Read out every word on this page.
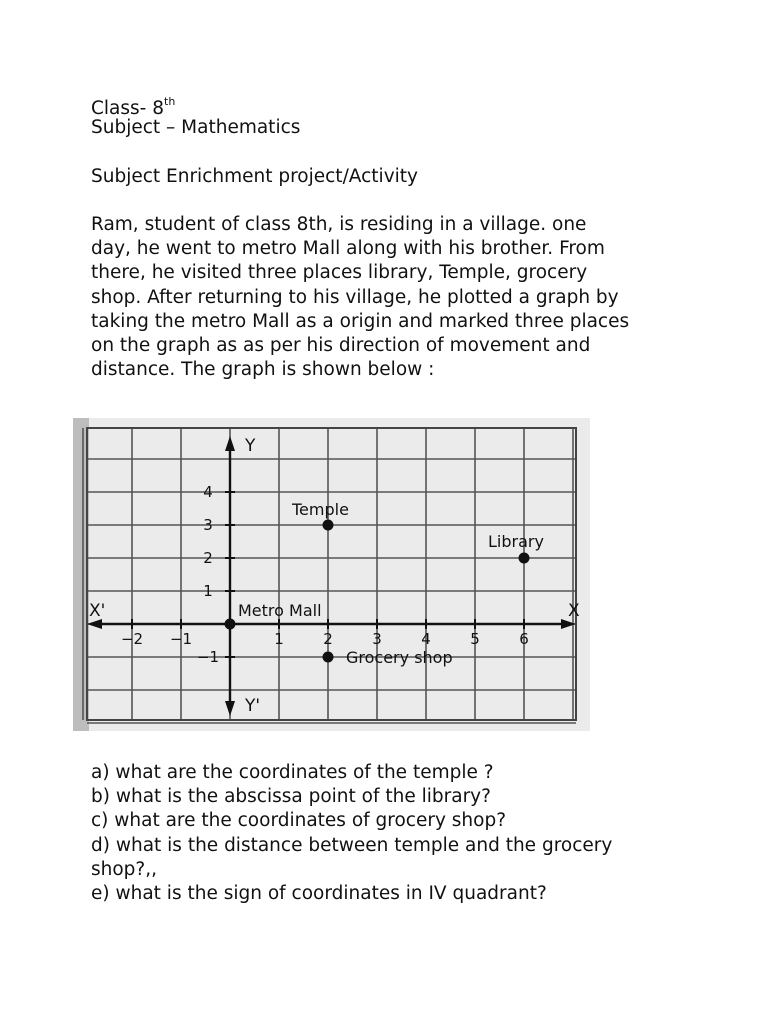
Class- 8th
Subject – Mathematics
Subject Enrichment project/Activity
Ram, student of class 8th, is residing in a village. one
day, he went to metro Mall along with his brother. From
there, he visited three places library, Temple, grocery
shop. After returning to his village, he plotted a graph by
taking the metro Mall as a origin and marked three places
on the graph as as per his direction of movement and
distance. The graph is shown below :
a) what are the coordinates of the temple ?
b) what is the abscissa point of the library?
c) what are the coordinates of grocery shop?
d) what is the distance between temple and the grocery
shop?,,
e) what is the sign of coordinates in IV quadrant?
−2 −1	1	2	3	4	5	6
4
3
2
1
−1
Metro Mall
Temple
Library
Grocery shop
X
X'
Y
Y'
